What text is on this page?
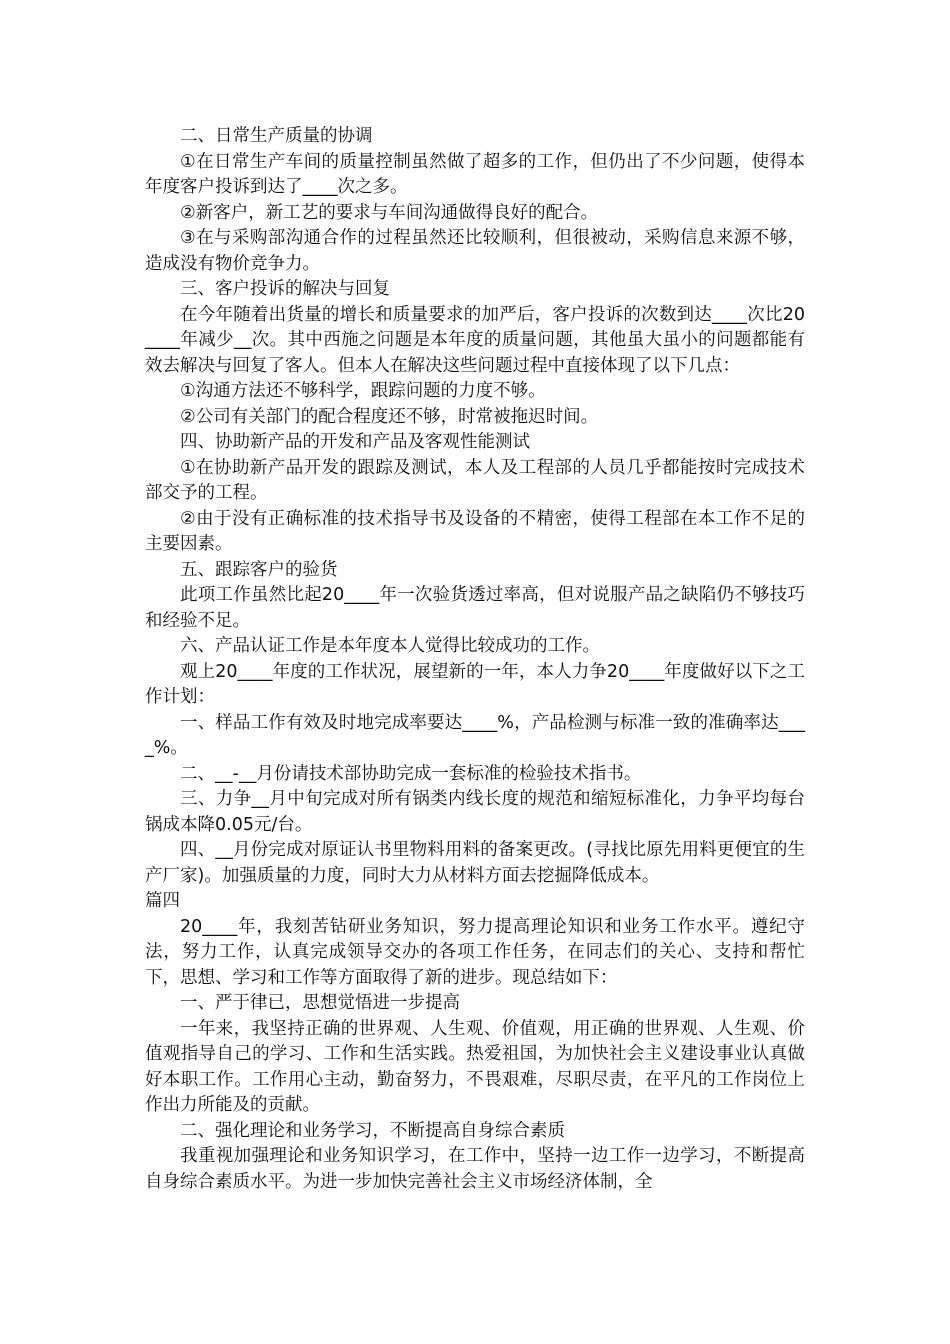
二、日常生产质量的协调

①在日常生产车间的质量控制虽然做了超多的工作，但仍出了不少问题，使得本年度客户投诉到达了____次之多。

②新客户，新工艺的要求与车间沟通做得良好的配合。

③在与采购部沟通合作的过程虽然还比较顺利，但很被动，采购信息来源不够，造成没有物价竞争力。

三、客户投诉的解决与回复

在今年随着出货量的增长和质量要求的加严后，客户投诉的次数到达____次比20____年减少__次。其中西施之问题是本年度的质量问题，其他虽大虽小的问题都能有效去解决与回复了客人。但本人在解决这些问题过程中直接体现了以下几点：

①沟通方法还不够科学，跟踪问题的力度不够。

②公司有关部门的配合程度还不够，时常被拖迟时间。

四、协助新产品的开发和产品及客观性能测试

①在协助新产品开发的跟踪及测试，本人及工程部的人员几乎都能按时完成技术部交予的工程。

②由于没有正确标准的技术指导书及设备的不精密，使得工程部在本工作不足的主要因素。

五、跟踪客户的验货

此项工作虽然比起20____年一次验货透过率高，但对说服产品之缺陷仍不够技巧和经验不足。

六、产品认证工作是本年度本人觉得比较成功的工作。

观上20____年度的工作状况，展望新的一年，本人力争20____年度做好以下之工作计划：

一、样品工作有效及时地完成率要达____%，产品检测与标准一致的准确率达____%。

二、__-__月份请技术部协助完成一套标准的检验技术指书。

三、力争__月中旬完成对所有锅类内线长度的规范和缩短标准化，力争平均每台锅成本降0.05元/台。

四、__月份完成对原证认书里物料用料的备案更改。(寻找比原先用料更便宜的生产厂家)。加强质量的力度，同时大力从材料方面去挖掘降低成本。

篇四

20____年，我刻苦钻研业务知识，努力提高理论知识和业务工作水平。遵纪守法，努力工作，认真完成领导交办的各项工作任务，在同志们的关心、支持和帮忙下，思想、学习和工作等方面取得了新的进步。现总结如下：

一、严于律已，思想觉悟进一步提高

一年来，我坚持正确的世界观、人生观、价值观，用正确的世界观、人生观、价值观指导自己的学习、工作和生活实践。热爱祖国，为加快社会主义建设事业认真做好本职工作。工作用心主动，勤奋努力，不畏艰难，尽职尽责，在平凡的工作岗位上作出力所能及的贡献。

二、强化理论和业务学习，不断提高自身综合素质

我重视加强理论和业务知识学习，在工作中，坚持一边工作一边学习，不断提高自身综合素质水平。为进一步加快完善社会主义市场经济体制，全
